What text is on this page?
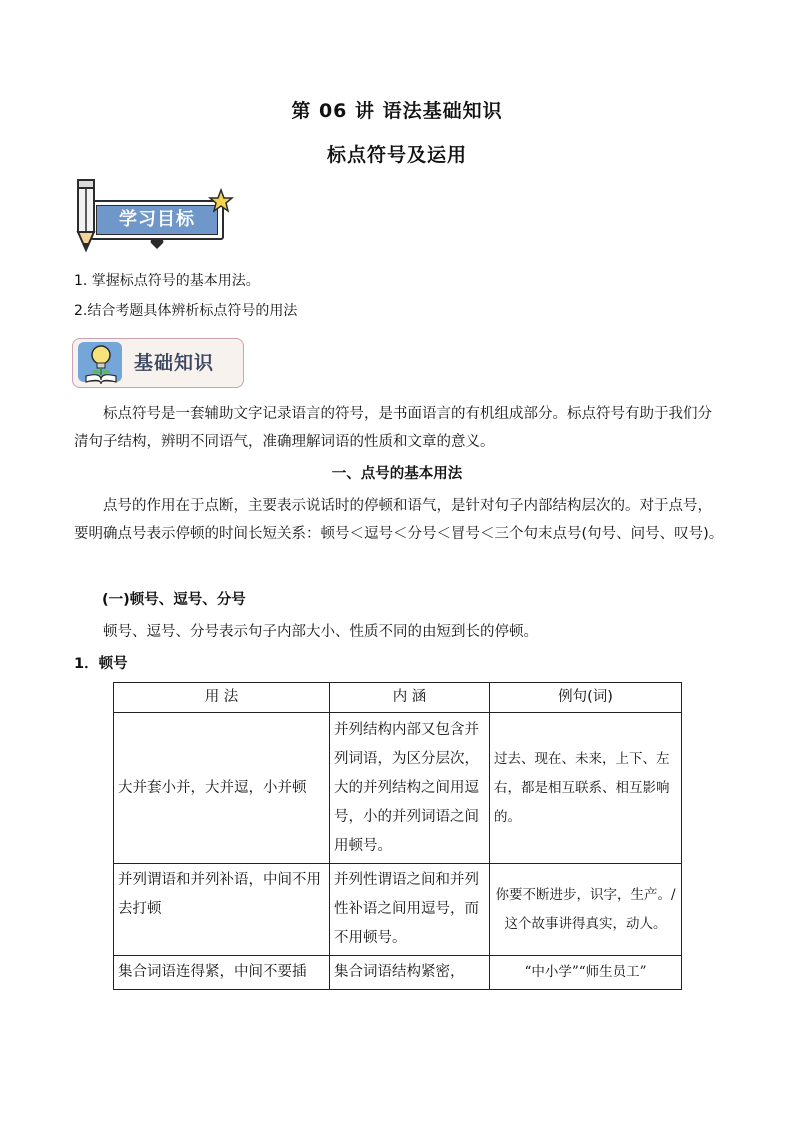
第 06 讲 语法基础知识
标点符号及运用
学习目标
1. 掌握标点符号的基本用法。
2.结合考题具体辨析标点符号的用法
基础知识
标点符号是一套辅助文字记录语言的符号，是书面语言的有机组成部分。标点符号有助于我们分清句子结构，辨明不同语气，准确理解词语的性质和文章的意义。
一、点号的基本用法
点号的作用在于点断，主要表示说话时的停顿和语气，是针对句子内部结构层次的。对于点号，要明确点号表示停顿的时间长短关系：顿号＜逗号＜分号＜冒号＜三个句末点号(句号、问号、叹号)。
(一)顿号、逗号、分号
顿号、逗号、分号表示句子内部大小、性质不同的由短到长的停顿。
1．顿号
用 法	内 涵	例句(词)
大并套小并，大并逗，小并顿	并列结构内部又包含并列词语，为区分层次，大的并列结构之间用逗号，小的并列词语之间用顿号。	过去、现在、未来，上下、左右，都是相互联系、相互影响的。
并列谓语和并列补语，中间不用去打顿	并列性谓语之间和并列性补语之间用逗号，而不用顿号。	你要不断进步，识字，生产。/这个故事讲得真实，动人。
集合词语连得紧，中间不要插	集合词语结构紧密，	“中小学”“师生员工”
